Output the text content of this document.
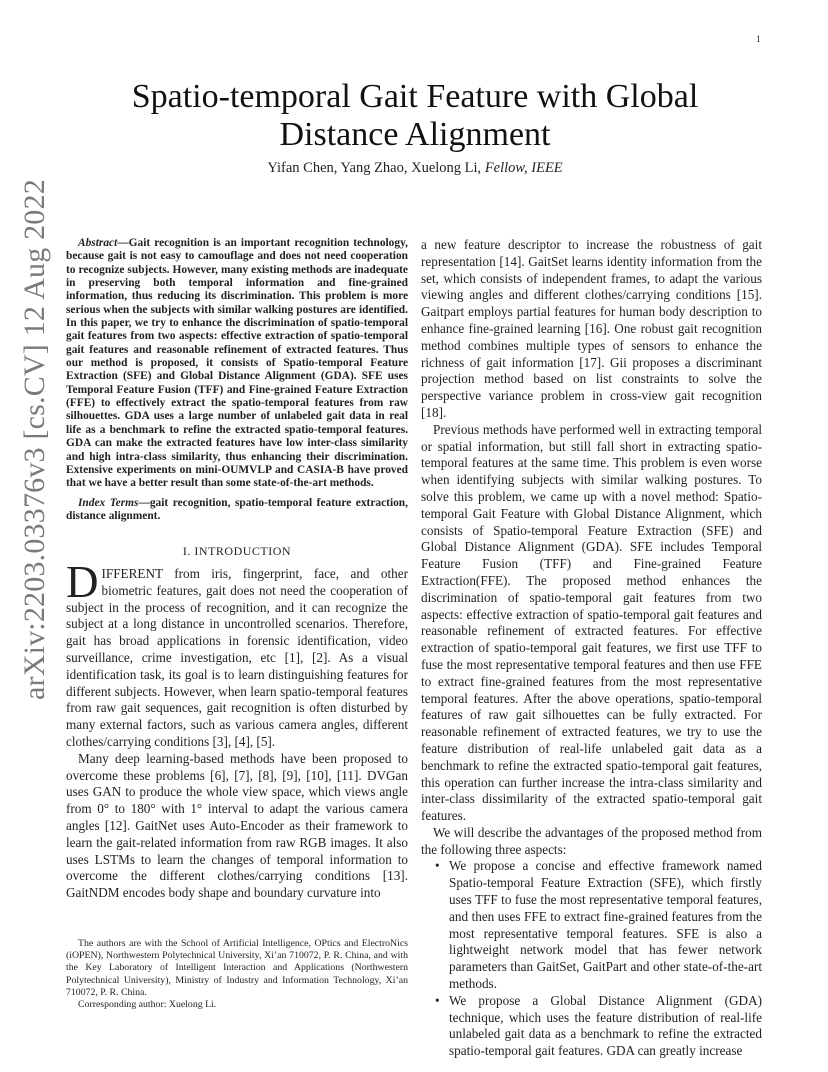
1
arXiv:2203.03376v3 [cs.CV] 12 Aug 2022
Spatio-temporal Gait Feature with Global Distance Alignment
Yifan Chen, Yang Zhao, Xuelong Li, Fellow, IEEE

Abstract—Gait recognition is an important recognition technology, because gait is not easy to camouflage and does not need cooperation to recognize subjects. However, many existing methods are inadequate in preserving both temporal information and fine-grained information, thus reducing its discrimination. This problem is more serious when the subjects with similar walking postures are identified. In this paper, we try to enhance the discrimination of spatio-temporal gait features from two aspects: effective extraction of spatio-temporal gait features and reasonable refinement of extracted features. Thus our method is proposed, it consists of Spatio-temporal Feature Extraction (SFE) and Global Distance Alignment (GDA). SFE uses Temporal Feature Fusion (TFF) and Fine-grained Feature Extraction (FFE) to effectively extract the spatio-temporal features from raw silhouettes. GDA uses a large number of unlabeled gait data in real life as a benchmark to refine the extracted spatio-temporal features. GDA can make the extracted features have low inter-class similarity and high intra-class similarity, thus enhancing their discrimination. Extensive experiments on mini-OUMVLP and CASIA-B have proved that we have a better result than some state-of-the-art methods.

Index Terms—gait recognition, spatio-temporal feature extraction, distance alignment.

I. INTRODUCTION

DIFFERENT from iris, fingerprint, face, and other biometric features, gait does not need the cooperation of subject in the process of recognition, and it can recognize the subject at a long distance in uncontrolled scenarios. Therefore, gait has broad applications in forensic identification, video surveillance, crime investigation, etc [1], [2]. As a visual identification task, its goal is to learn distinguishing features for different subjects. However, when learn spatio-temporal features from raw gait sequences, gait recognition is often disturbed by many external factors, such as various camera angles, different clothes/carrying conditions [3], [4], [5].

Many deep learning-based methods have been proposed to overcome these problems [6], [7], [8], [9], [10], [11]. DVGan uses GAN to produce the whole view space, which views angle from 0° to 180° with 1° interval to adapt the various camera angles [12]. GaitNet uses Auto-Encoder as their framework to learn the gait-related information from raw RGB images. It also uses LSTMs to learn the changes of temporal information to overcome the different clothes/carrying conditions [13]. GaitNDM encodes body shape and boundary curvature into

The authors are with the School of Artificial Intelligence, OPtics and ElectroNics (iOPEN), Northwestern Polytechnical University, Xi’an 710072, P. R. China, and with the Key Laboratory of Intelligent Interaction and Applications (Northwestern Polytechnical University), Ministry of Industry and Information Technology, Xi’an 710072, P. R. China.

Corresponding author: Xuelong Li.

a new feature descriptor to increase the robustness of gait representation [14]. GaitSet learns identity information from the set, which consists of independent frames, to adapt the various viewing angles and different clothes/carrying conditions [15]. Gaitpart employs partial features for human body description to enhance fine-grained learning [16]. One robust gait recognition method combines multiple types of sensors to enhance the richness of gait information [17]. Gii proposes a discriminant projection method based on list constraints to solve the perspective variance problem in cross-view gait recognition [18].

Previous methods have performed well in extracting temporal or spatial information, but still fall short in extracting spatio-temporal features at the same time. This problem is even worse when identifying subjects with similar walking postures. To solve this problem, we came up with a novel method: Spatio-temporal Gait Feature with Global Distance Alignment, which consists of Spatio-temporal Feature Extraction (SFE) and Global Distance Alignment (GDA). SFE includes Temporal Feature Fusion (TFF) and Fine-grained Feature Extraction(FFE). The proposed method enhances the discrimination of spatio-temporal gait features from two aspects: effective extraction of spatio-temporal gait features and reasonable refinement of extracted features. For effective extraction of spatio-temporal gait features, we first use TFF to fuse the most representative temporal features and then use FFE to extract fine-grained features from the most representative temporal features. After the above operations, spatio-temporal features of raw gait silhouettes can be fully extracted. For reasonable refinement of extracted features, we try to use the feature distribution of real-life unlabeled gait data as a benchmark to refine the extracted spatio-temporal gait features, this operation can further increase the intra-class similarity and inter-class dissimilarity of the extracted spatio-temporal gait features.

We will describe the advantages of the proposed method from the following three aspects:

• We propose a concise and effective framework named Spatio-temporal Feature Extraction (SFE), which firstly uses TFF to fuse the most representative temporal features, and then uses FFE to extract fine-grained features from the most representative temporal features. SFE is also a lightweight network model that has fewer network parameters than GaitSet, GaitPart and other state-of-the-art methods.
• We propose a Global Distance Alignment (GDA) technique, which uses the feature distribution of real-life unlabeled gait data as a benchmark to refine the extracted spatio-temporal gait features. GDA can greatly increase
